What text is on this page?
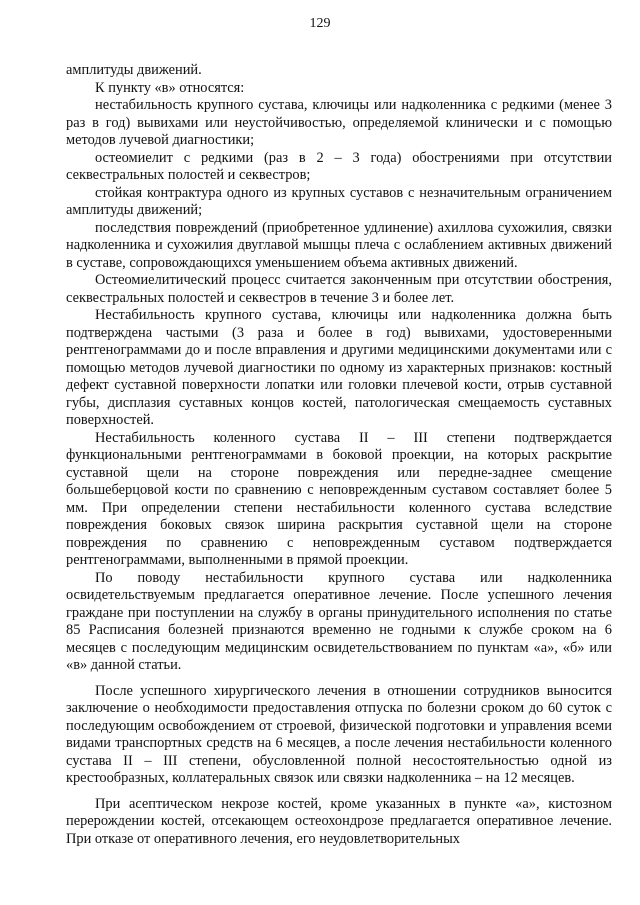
129

амплитуды движений.

К пункту «в» относятся:

нестабильность крупного сустава, ключицы или надколенника с редкими (менее 3 раз в год) вывихами или неустойчивостью, определяемой клинически и с помощью методов лучевой диагностики;

остеомиелит с редкими (раз в 2 – 3 года) обострениями при отсутствии секвестральных полостей и секвестров;

стойкая контрактура одного из крупных суставов с незначительным ограничением амплитуды движений;

последствия повреждений (приобретенное удлинение) ахиллова сухожилия, связки надколенника и сухожилия двуглавой мышцы плеча с ослаблением активных движений в суставе, сопровождающихся уменьшением объема активных движений.

Остеомиелитический процесс считается законченным при отсутствии обострения, секвестральных полостей и секвестров в течение 3 и более лет.

Нестабильность крупного сустава, ключицы или надколенника должна быть подтверждена частыми (3 раза и более в год) вывихами, удостоверенными рентгенограммами до и после вправления и другими медицинскими документами или с помощью методов лучевой диагностики по одному из характерных признаков: костный дефект суставной поверхности лопатки или головки плечевой кости, отрыв суставной губы, дисплазия суставных концов костей, патологическая смещаемость суставных поверхностей.

Нестабильность коленного сустава II – III степени подтверждается функциональными рентгенограммами в боковой проекции, на которых раскрытие суставной щели на стороне повреждения или передне-заднее смещение большеберцовой кости по сравнению с неповрежденным суставом составляет более 5 мм. При определении степени нестабильности коленного сустава вследствие повреждения боковых связок ширина раскрытия суставной щели на стороне повреждения по сравнению с неповрежденным суставом подтверждается рентгенограммами, выполненными в прямой проекции.

По поводу нестабильности крупного сустава или надколенника освидетельствуемым предлагается оперативное лечение. После успешного лечения граждане при поступлении на службу в органы принудительного исполнения по статье 85 Расписания болезней признаются временно не годными к службе сроком на 6 месяцев с последующим медицинским освидетельствованием по пунктам «а», «б» или «в» данной статьи.

После успешного хирургического лечения в отношении сотрудников выносится заключение о необходимости предоставления отпуска по болезни сроком до 60 суток с последующим освобождением от строевой, физической подготовки и управления всеми видами транспортных средств на 6 месяцев, а после лечения нестабильности коленного сустава II – III степени, обусловленной полной несостоятельностью одной из крестообразных, коллатеральных связок или связки надколенника – на 12 месяцев.

При асептическом некрозе костей, кроме указанных в пункте «а», кистозном перерождении костей, отсекающем остеохондрозе предлагается оперативное лечение. При отказе от оперативного лечения, его неудовлетворительных
